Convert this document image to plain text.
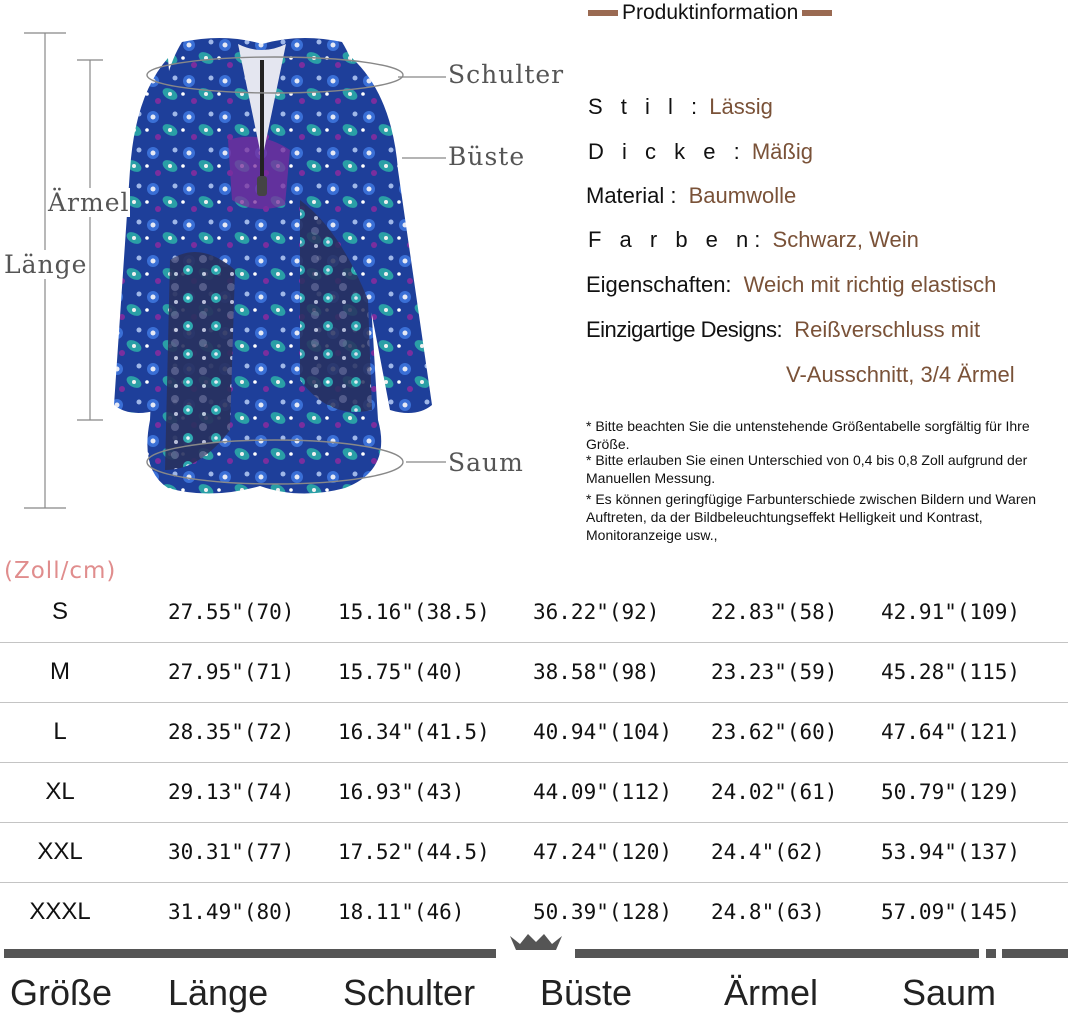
Schulter
Büste
Ärmel
Länge
Saum
Produktinformation
S t i l : Lässig
D i c k e : Mäßig
Material : Baumwolle
F a r b e n: Schwarz, Wein
Eigenschaften: Weich mit richtig elastisch
Einzigartige Designs: Reißverschluss mit
V-Ausschnitt, 3/4 Ärmel
* Bitte beachten Sie die untenstehende Größentabelle sorgfältig für Ihre Größe.
* Bitte erlauben Sie einen Unterschied von 0,4 bis 0,8 Zoll aufgrund der Manuellen Messung.
* Es können geringfügige Farbunterschiede zwischen Bildern und Waren Auftreten, da der Bildbeleuchtungseffekt Helligkeit und Kontrast, Monitoranzeige usw.,
(Zoll/cm)
S	27.55"(70) 15.16"(38.5) 36.22"(92) 22.83"(58) 42.91"(109)
M	27.95"(71) 15.75"(40)	38.58"(98) 23.23"(59) 45.28"(115)
L	28.35"(72) 16.34"(41.5) 40.94"(104) 23.62"(60) 47.64"(121)
XL	29.13"(74) 16.93"(43)	44.09"(112) 24.02"(61) 50.79"(129)
XXL	30.31"(77) 17.52"(44.5) 47.24"(120) 24.4"(62)	53.94"(137)
XXXL	31.49"(80) 18.11"(46)	50.39"(128) 24.8"(63)	57.09"(145)
Größe Länge Schulter Büste	Ärmel Saum
